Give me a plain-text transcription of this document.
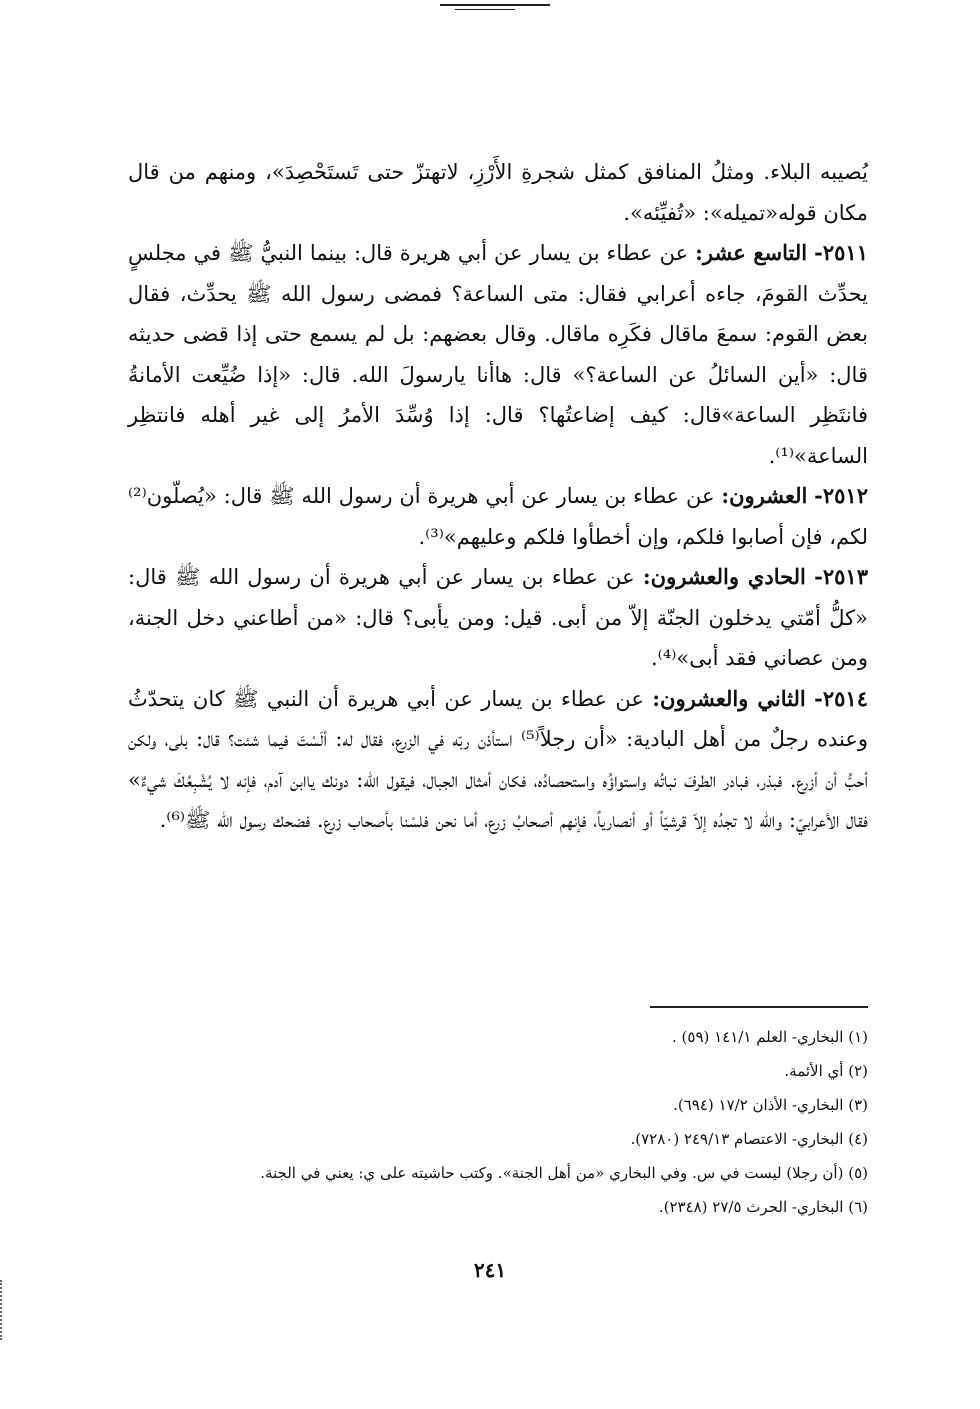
يُصيبه البلاء. ومثلُ المنافق كمثل شجرةِ الأَرْزِ، لاتهتزّ حتى تَستَحْصِدَ»، ومنهم من قال مكان قوله«تميله»: «تُفيِّئه».

٢٥١١- التاسع عشر: عن عطاء بن يسار عن أبي هريرة قال: بينما النبيُّ ﷺ في مجلسٍ يحدِّث القومَ، جاءه أعرابي فقال: متى الساعة؟ فمضى رسول الله ﷺ يحدِّث، فقال بعض القوم: سمعَ ماقال فكَرِه ماقال. وقال بعضهم: بل لم يسمع حتى إذا قضى حديثه قال: «أين السائلُ عن الساعة؟» قال: هاأنا يارسولَ الله. قال: «إذا ضُيِّعت الأمانةُ فانتَظِر الساعة»قال: كيف إضاعتُها؟ قال: إذا وُسِّدَ الأمرُ إلى غير أهله فانتظِر الساعة»⁽¹⁾.

٢٥١٢- العشرون: عن عطاء بن يسار عن أبي هريرة أن رسول الله ﷺ قال: «يُصلّون⁽²⁾ لكم، فإن أصابوا فلكم، وإن أخطأوا فلكم وعليهم»⁽³⁾.

٢٥١٣- الحادي والعشرون: عن عطاء بن يسار عن أبي هريرة أن رسول الله ﷺ قال: «كلُّ أمّتي يدخلون الجنّة إلاّ من أبى. قيل: ومن يأبى؟ قال: «من أطاعني دخل الجنة، ومن عصاني فقد أبى»⁽⁴⁾.

٢٥١٤- الثاني والعشرون: عن عطاء بن يسار عن أبي هريرة أن النبي ﷺ كان يتحدّثُ وعنده رجلٌ من أهل البادية: «أن رجلاً⁽⁵⁾ استأذن ربّه في الزرع، فقال له: ألَسْتَ فيما شئت؟ قال: بلى، ولكن أحبُّ أن أزرع. فبذر، فبادر الطرفَ نباتُه واستواؤُه واستحصادُه، فكان أمثال الجبال، فيقول الله: دونك ياابن آدم، فإنه لا يُشْبِعُكَ شيءٌ» فقال الأعرابيّ: والله لا تجدُه إلاّ قرشيّاً أو أنصارياً، فإنهم أصحابُ زرع، أما نحن فلسْنا بأصحاب زرع. فضحك رسول الله ﷺ⁽⁶⁾.

(١) البخاري- العلم ١٤١/١ (٥٩) .

(٢) أي الأئمة.

(٣) البخاري- الأذان ١٧/٢ (٦٩٤).

(٤) البخاري- الاعتصام ٢٤٩/١٣ (٧٢٨٠).

(٥) (أن رجلا) ليست في س. وفي البخاري «من أهل الجنة». وكتب حاشيته على ي: يعني في الجنة.

(٦) البخاري- الحرث ٢٧/٥ (٢٣٤٨).

٢٤١
